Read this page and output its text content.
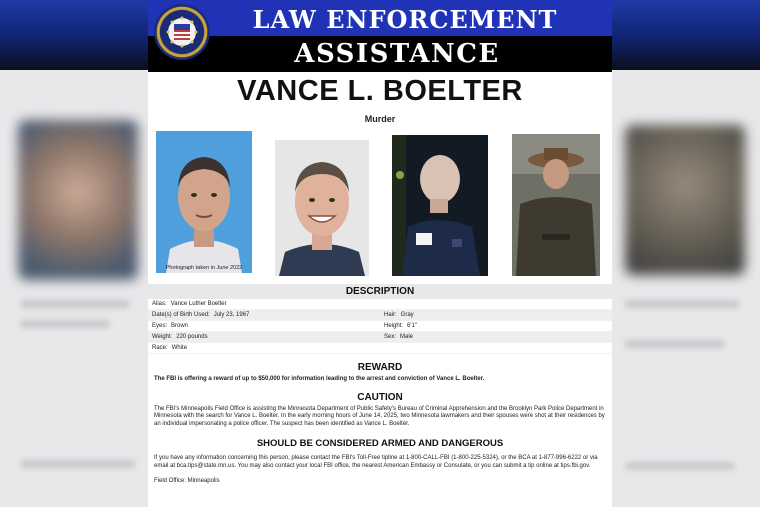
LAW ENFORCEMENT
ASSISTANCE
VANCE L. BOELTER
Murder
Photograph taken in June 2022
DESCRIPTION
Alias: Vance Luther Boelter
Date(s) of Birth Used: July 23, 1967	Hair: Gray
Eyes: Brown	Height: 6'1"
Weight: 220 pounds	Sex: Male
Race: White
REWARD
The FBI is offering a reward of up to $50,000 for information leading to the arrest and conviction of Vance L. Boelter.
CAUTION
The FBI's Minneapolis Field Office is assisting the Minnesota Department of Public Safety's Bureau of Criminal Apprehension and the Brooklyn Park Police Department in Minnesota with the search for Vance L. Boelter. In the early morning hours of June 14, 2025, two Minnesota lawmakers and their spouses were shot at their residences by an individual impersonating a police officer. The suspect has been identified as Vance L. Boelter.
SHOULD BE CONSIDERED ARMED AND DANGEROUS
If you have any information concerning this person, please contact the FBI's Toll-Free tipline at 1-800-CALL-FBI (1-800-225-5324), or the BCA at 1-877-996-6222 or via email at bca.tips@state.mn.us. You may also contact your local FBI office, the nearest American Embassy or Consulate, or you can submit a tip online at tips.fbi.gov.
Field Office: Minneapolis
